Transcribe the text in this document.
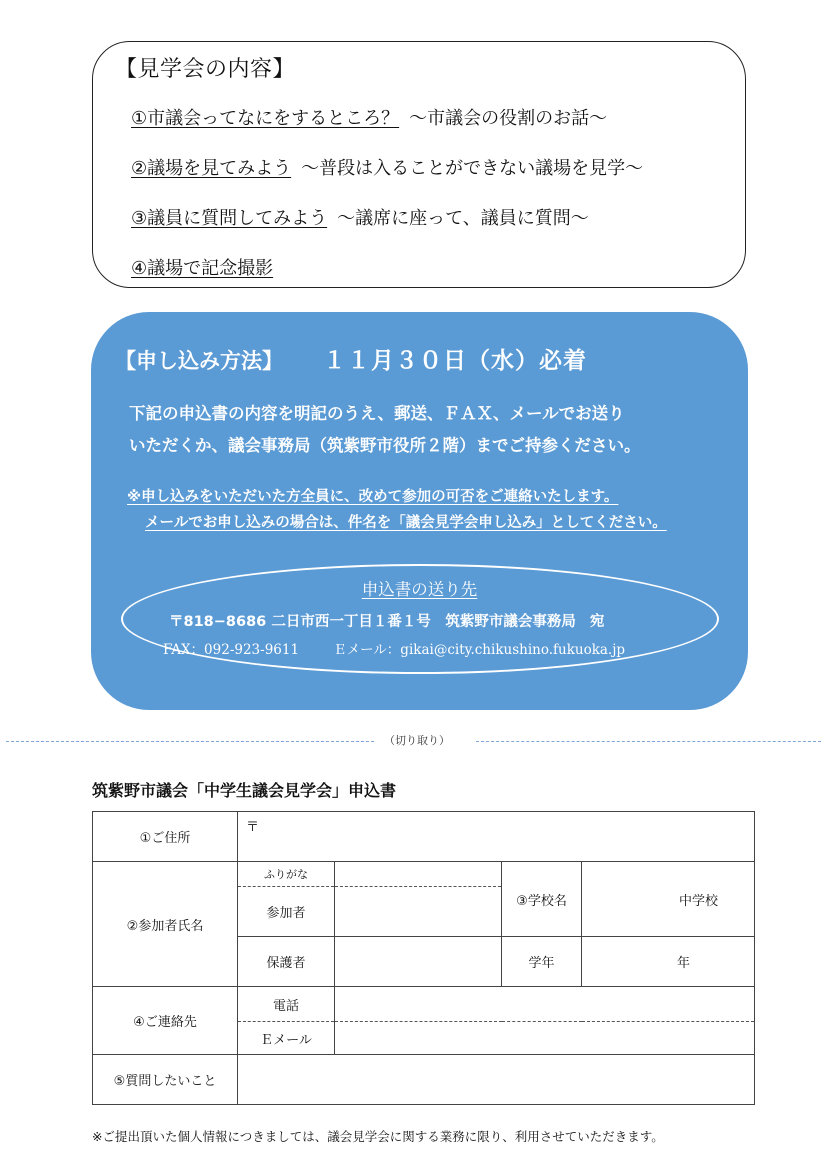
【見学会の内容】
①市議会ってなにをするところ？ 〜市議会の役割のお話〜
②議場を見てみよう 〜普段は入ることができない議場を見学〜
③議員に質問してみよう 〜議席に座って、議員に質問〜
④議場で記念撮影
【申し込み方法】 １１月３０日（水）必着
下記の申込書の内容を明記のうえ、郵送、ＦＡＸ、メールでお送り
いただくか、議会事務局（筑紫野市役所２階）までご持参ください。
※申し込みをいただいた方全員に、改めて参加の可否をご連絡いたします。
メールでお申し込みの場合は、件名を「議会見学会申し込み」としてください。
申込書の送り先
〒818−8686 二日市西一丁目１番１号　筑紫野市議会事務局 宛
FAX：092-923-9611	Ｅメール：gikai@city.chikushino.fukuoka.jp
（切り取り）
筑紫野市議会「中学生議会見学会」申込書
①ご住所	〒			
②参加者氏名	ふりがな		③学校名	中学校
	参加者			
	保護者		学年	年
④ご連絡先	電話			
	Ｅメール			
⑤質問したいこと				
※ご提出頂いた個人情報につきましては、議会見学会に関する業務に限り、利用させていただきます。
